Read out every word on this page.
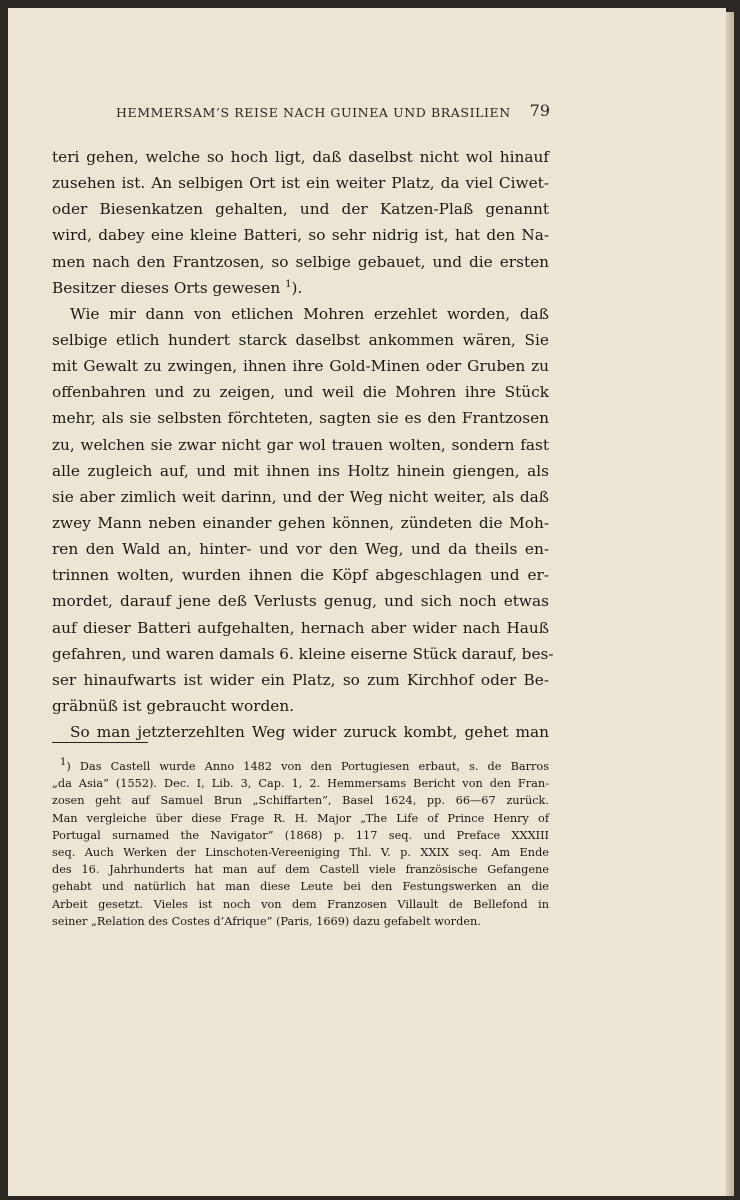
HEMMERSAM’S REISE NACH GUINEA UND BRASILIEN 79
teri gehen, welche so hoch ligt, daß daselbst nicht wol hinauf
zusehen ist. An selbigen Ort ist ein weiter Platz, da viel Ciwet-
oder Biesenkatzen gehalten, und der Katzen-Plaß genannt
wird, dabey eine kleine Batteri, so sehr nidrig ist, hat den Na-
men nach den Frantzosen, so selbige gebauet, und die ersten
Besitzer dieses Orts gewesen $^1$).
Wie mir dann von etlichen Mohren erzehlet worden, daß
selbige etlich hundert starck daselbst ankommen wären, Sie
mit Gewalt zu zwingen, ihnen ihre Gold-Minen oder Gruben zu
offenbahren und zu zeigen, und weil die Mohren ihre Stück
mehr, als sie selbsten förchteten, sagten sie es den Frantzosen
zu, welchen sie zwar nicht gar wol trauen wolten, sondern fast
alle zugleich auf, und mit ihnen ins Holtz hinein giengen, als
sie aber zimlich weit darinn, und der Weg nicht weiter, als daß
zwey Mann neben einander gehen können, zündeten die Moh-
ren den Wald an, hinter- und vor den Weg, und da theils en-
trinnen wolten, wurden ihnen die Köpf abgeschlagen und er-
mordet, darauf jene deß Verlusts genug, und sich noch etwas
auf dieser Batteri aufgehalten, hernach aber wider nach Hauß
gefahren, und waren damals 6. kleine eiserne Stück darauf, bes-
ser hinaufwarts ist wider ein Platz, so zum Kirchhof oder Be-
gräbnüß ist gebraucht worden.
So man jetzterzehlten Weg wider zuruck kombt, gehet man
$^1$) Das Castell wurde Anno 1482 von den Portugiesen erbaut, s. de Barros
„da Asia” (1552). Dec. I, Lib. 3, Cap. 1, 2. Hemmersams Bericht von den Fran-
zosen geht auf Samuel Brun „Schiffarten”, Basel 1624, pp. 66—67 zurück.
Man vergleiche über diese Frage R. H. Major „The Life of Prince Henry of
Portugal surnamed the Navigator” (1868) p. 117 seq. und Preface XXXIII
seq. Auch Werken der Linschoten-Vereeniging Thl. V. p. XXIX seq. Am Ende
des 16. Jahrhunderts hat man auf dem Castell viele französische Gefangene
gehabt und natürlich hat man diese Leute bei den Festungswerken an die
Arbeit gesetzt. Vieles ist noch von dem Franzosen Villault de Bellefond in
seiner „Relation des Costes d’Afrique” (Paris, 1669) dazu gefabelt worden.
